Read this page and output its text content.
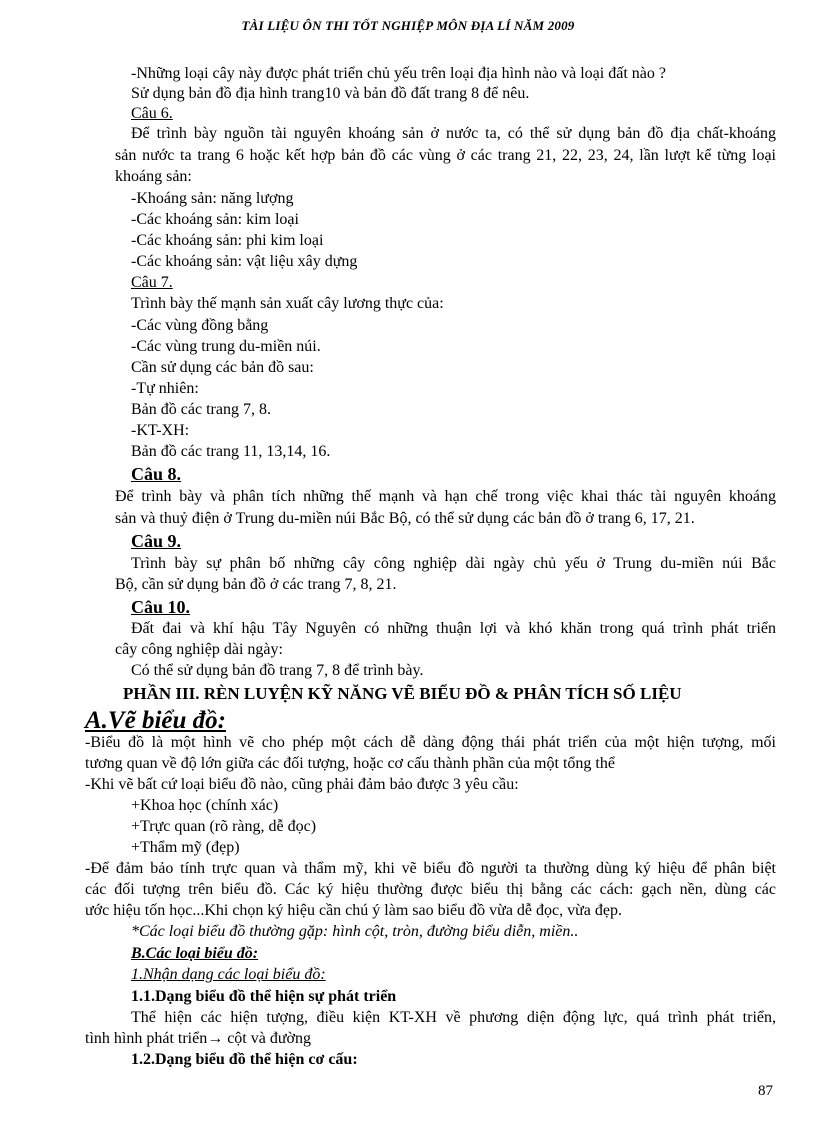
TÀI LIỆU ÔN THI TỐT NGHIỆP MÔN ĐỊA LÍ NĂM 2009
-Những loại cây này được phát triển chủ yếu trên loại địa hình nào và loại đất nào ?
Sử dụng bản đồ địa hình trang10 và bản đồ đất trang 8 để nêu.
Câu 6.
Để trình bày nguồn tài nguyên khoáng sản ở nước ta, có thể sử dụng bản đồ địa chất-khoáng
sản nước ta trang 6 hoặc kết hợp bản đồ các vùng ở các trang 21, 22, 23, 24, lần lượt kể từng loại
khoáng sản:
-Khoáng sản: năng lượng
-Các khoáng sản: kim loại
-Các khoáng sản: phi kim loại
-Các khoáng sản: vật liệu xây dựng
Câu 7.
Trình bày thế mạnh sản xuất cây lương thực của:
-Các vùng đồng bằng
-Các vùng trung du-miền núi.
Cần sử dụng các bản đồ sau:
-Tự nhiên:
Bản đồ các trang 7, 8.
-KT-XH:
Bản đồ các trang 11, 13,14, 16.
Câu 8.
Để trình bày và phân tích những thế mạnh và hạn chế trong việc khai thác tài nguyên khoáng
sản và thuỷ điện ở Trung du-miền núi Bắc Bộ, có thể sử dụng các bản đồ ở trang 6, 17, 21.
Câu 9.
Trình bày sự phân bố những cây công nghiệp dài ngày chủ yếu ở Trung du-miền núi Bắc
Bộ, cần sử dụng bản đồ ở các trang 7, 8, 21.
Câu 10.
Đất đai và khí hậu Tây Nguyên có những thuận lợi và khó khăn trong quá trình phát triển
cây công nghiệp dài ngày:
Có thể sử dụng bản đồ trang 7, 8 để trình bày.
PHẦN III. RÈN LUYỆN KỸ NĂNG VẼ BIỂU ĐỒ & PHÂN TÍCH SỐ LIỆU
A.Vẽ biểu đồ:
-Biểu đồ là một hình vẽ cho phép một cách dễ dàng động thái phát triển của một hiện tượng, mối
tương quan về độ lớn giữa các đối tượng, hoặc cơ cấu thành phần của một tổng thể
-Khi vẽ bất cứ loại biểu đồ nào, cũng phải đảm bảo được 3 yêu cầu:
+Khoa học (chính xác)
+Trực quan (rõ ràng, dễ đọc)
+Thẩm mỹ (đẹp)
-Để đảm bảo tính trực quan và thẩm mỹ, khi vẽ biểu đồ người ta thường dùng ký hiệu để phân biệt
các đối tượng trên biểu đồ. Các ký hiệu thường được biểu thị bằng các cách: gạch nền, dùng các
ước hiệu tốn học...Khi chọn ký hiệu cần chú ý làm sao biểu đồ vừa dễ đọc, vừa đẹp.
*Các loại biểu đồ thường gặp: hình cột, tròn, đường biểu diễn, miền..
B.Các loại biểu đồ:
1.Nhận dạng các loại biểu đồ:
1.1.Dạng biểu đồ thể hiện sự phát triển
Thể hiện các hiện tượng, điều kiện KT-XH về phương diện động lực, quá trình phát triển,
tình hình phát triển→ cột và đường
1.2.Dạng biểu đồ thể hiện cơ cấu:
87
